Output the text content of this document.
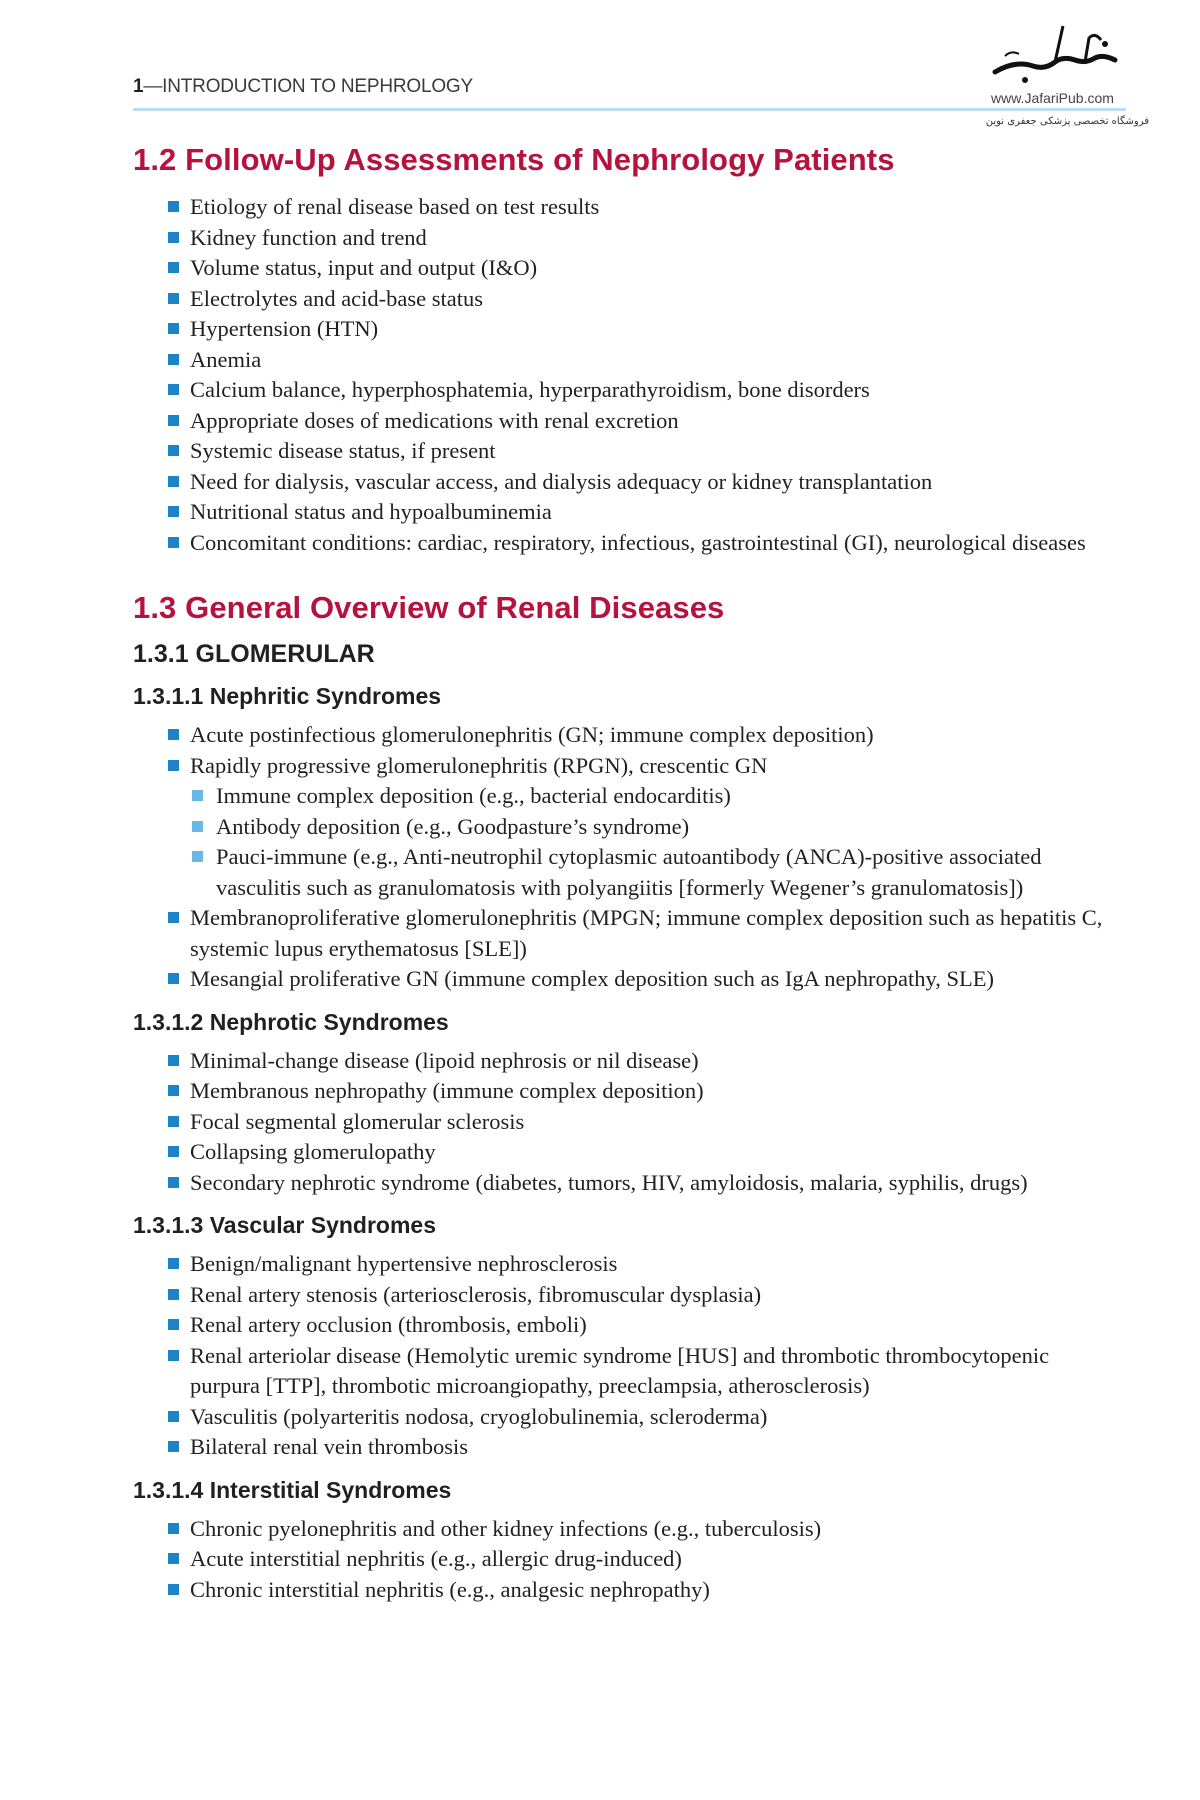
1—INTRODUCTION TO NEPHROLOGY
www.JafariPub.com
فروشگاه تخصصی پزشکی جعفری نوین
1.2 Follow-Up Assessments of Nephrology Patients
Etiology of renal disease based on test results
Kidney function and trend
Volume status, input and output (I&O)
Electrolytes and acid-base status
Hypertension (HTN)
Anemia
Calcium balance, hyperphosphatemia, hyperparathyroidism, bone disorders
Appropriate doses of medications with renal excretion
Systemic disease status, if present
Need for dialysis, vascular access, and dialysis adequacy or kidney transplantation
Nutritional status and hypoalbuminemia
Concomitant conditions: cardiac, respiratory, infectious, gastrointestinal (GI), neurological diseases
1.3 General Overview of Renal Diseases
1.3.1 GLOMERULAR
1.3.1.1 Nephritic Syndromes
Acute postinfectious glomerulonephritis (GN; immune complex deposition)
Rapidly progressive glomerulonephritis (RPGN), crescentic GN
Immune complex deposition (e.g., bacterial endocarditis)
Antibody deposition (e.g., Goodpasture’s syndrome)
Pauci-immune (e.g., Anti-neutrophil cytoplasmic autoantibody (ANCA)-positive associated vasculitis such as granulomatosis with polyangiitis [formerly Wegener’s granulomatosis])
Membranoproliferative glomerulonephritis (MPGN; immune complex deposition such as hepatitis C, systemic lupus erythematosus [SLE])
Mesangial proliferative GN (immune complex deposition such as IgA nephropathy, SLE)
1.3.1.2 Nephrotic Syndromes
Minimal-change disease (lipoid nephrosis or nil disease)
Membranous nephropathy (immune complex deposition)
Focal segmental glomerular sclerosis
Collapsing glomerulopathy
Secondary nephrotic syndrome (diabetes, tumors, HIV, amyloidosis, malaria, syphilis, drugs)
1.3.1.3 Vascular Syndromes
Benign/malignant hypertensive nephrosclerosis
Renal artery stenosis (arteriosclerosis, fibromuscular dysplasia)
Renal artery occlusion (thrombosis, emboli)
Renal arteriolar disease (Hemolytic uremic syndrome [HUS] and thrombotic thrombocytopenic purpura [TTP], thrombotic microangiopathy, preeclampsia, atherosclerosis)
Vasculitis (polyarteritis nodosa, cryoglobulinemia, scleroderma)
Bilateral renal vein thrombosis
1.3.1.4 Interstitial Syndromes
Chronic pyelonephritis and other kidney infections (e.g., tuberculosis)
Acute interstitial nephritis (e.g., allergic drug-induced)
Chronic interstitial nephritis (e.g., analgesic nephropathy)
